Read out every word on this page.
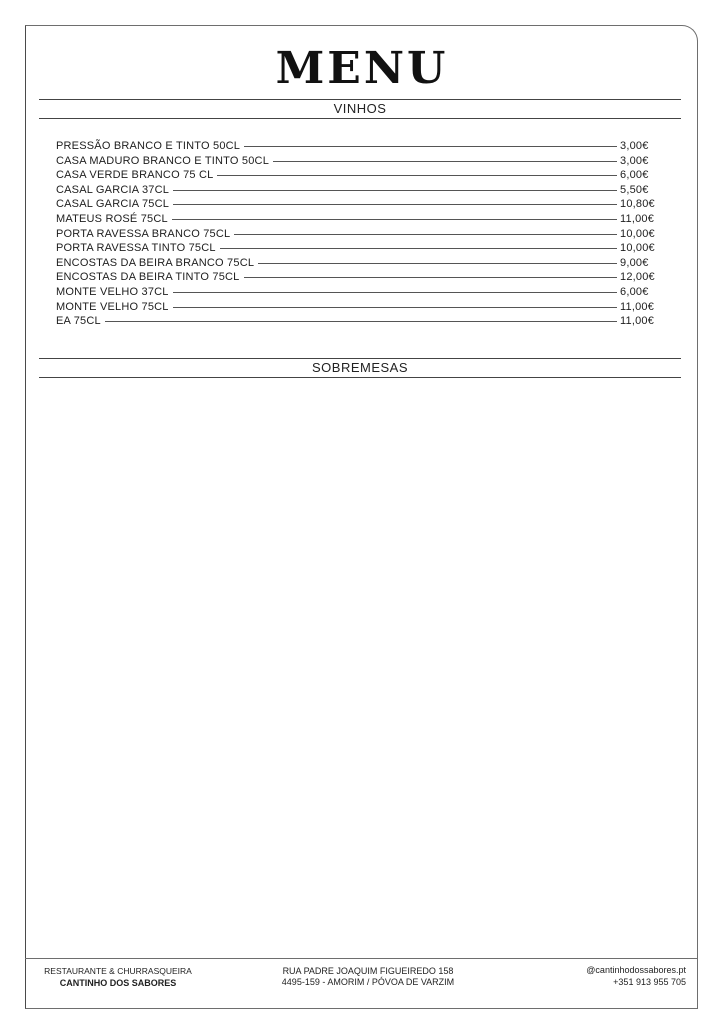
MENU
VINHOS
PRESSÃO BRANCO E TINTO 50CL	3,00€
CASA MADURO BRANCO E TINTO 50CL	3,00€
CASA VERDE BRANCO 75 CL	6,00€
CASAL GARCIA 37CL	5,50€
CASAL GARCIA 75CL	10,80€
MATEUS ROSÉ 75CL	11,00€
PORTA RAVESSA BRANCO 75CL	10,00€
PORTA RAVESSA TINTO 75CL	10,00€
ENCOSTAS DA BEIRA BRANCO 75CL	9,00€
ENCOSTAS DA BEIRA TINTO 75CL	12,00€
MONTE VELHO 37CL	6,00€
MONTE VELHO 75CL	11,00€
EA 75CL	11,00€
SOBREMESAS
RESTAURANTE & CHURRASQUEIRA
CANTINHO DOS SABORES
RUA PADRE JOAQUIM FIGUEIREDO 158
4495-159 - AMORIM / PÓVOA DE VARZIM
@cantinhodossabores.pt
+351 913 955 705
